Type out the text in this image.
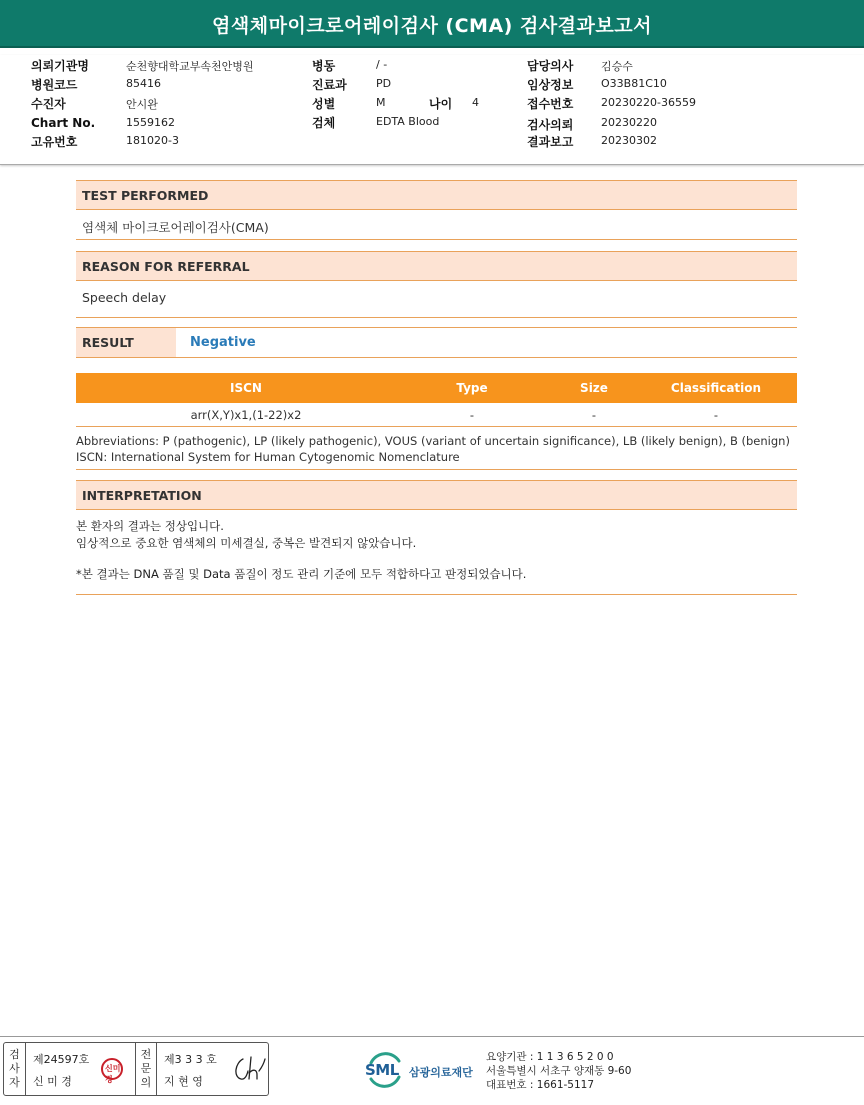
염색체마이크로어레이검사 (CMA) 검사결과보고서
의뢰기관명	순천향대학교부속천안병원
병원코드	85416
수진자	안시완
Chart No.	1559162
고유번호	181020-3
병동	/ -
진료과	PD
성별	M	나이 4
검체	EDTA Blood
담당의사	김승수
임상정보	O33B81C10
접수번호	20230220-36559
검사의뢰	20230220
결과보고	20230302
TEST PERFORMED
염색체 마이크로어레이검사(CMA)
REASON FOR REFERRAL
Speech delay
RESULT	Negative
ISCN	Type	Size	Classification
arr(X,Y)x1,(1-22)x2	-	-	-
Abbreviations: P (pathogenic), LP (likely pathogenic), VOUS (variant of uncertain significance), LB (likely benign), B (benign)
ISCN: International System for Human Cytogenomic Nomenclature
INTERPRETATION
본 환자의 결과는 정상입니다.
임상적으로 중요한 염색체의 미세결실, 중복은 발견되지 않았습니다.
*본 결과는 DNA 품질 및 Data 품질이 정도 관리 기준에 모두 적합하다고 판정되었습니다.
검
사
자
제24597호
신 미 경
신미경
전
문
의
제3 3 3 호
지 현 영
SML 삼광의료재단
요양기관 : 1 1 3 6 5 2 0 0
서울특별시 서초구 양재동 9-60
대표번호 : 1661-5117
